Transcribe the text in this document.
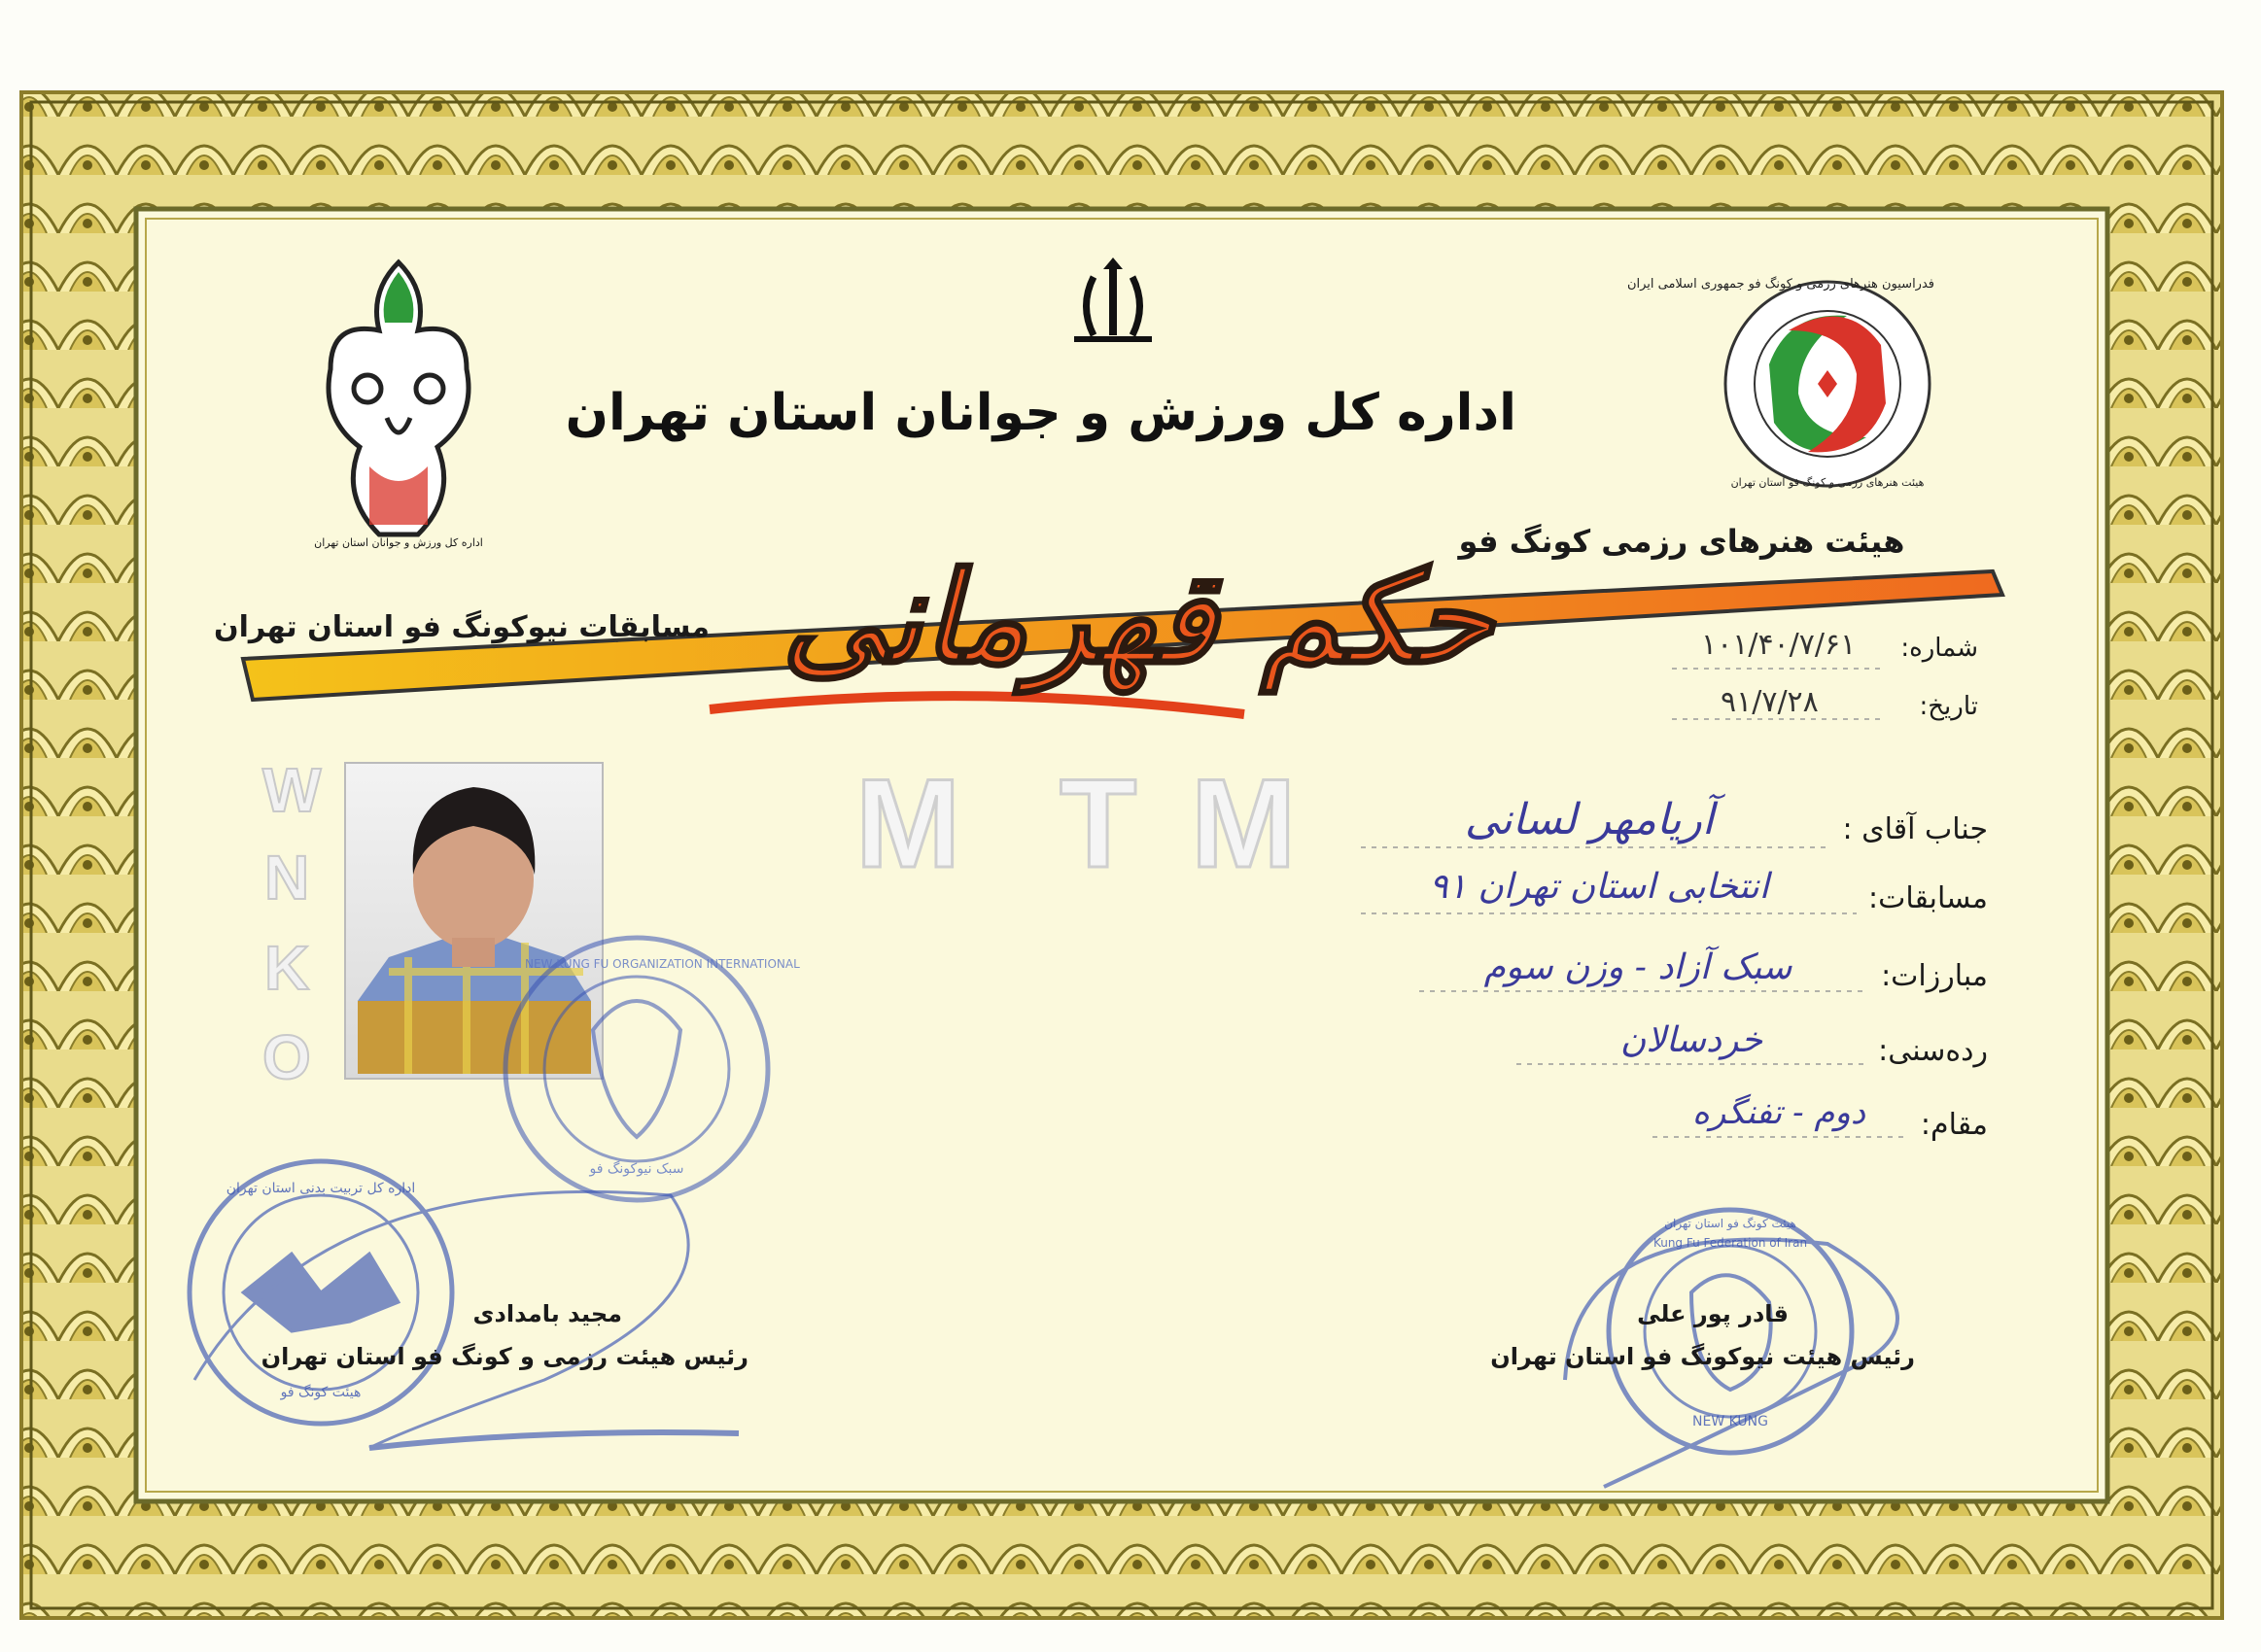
W
N
K
O
M T M
اداره کل ورزش و جوانان استان تهران
اداره کل ورزش و جوانان استان تهران
فدراسیون هنرهای رزمی و کونگ فو جمهوری اسلامی ایران
هیئت هنرهای رزمی و کونگ فو استان تهران
هیئت هنرهای رزمی کونگ فو
مسابقات نیوکونگ فو استان تهران حکم قهرمانی	شماره:
۱۰۱/۴۰/۷/۶۱
تاریخ:
۹۱/۷/۲۸
جناب آقای :
آریامهر لسانی
مسابقات:
انتخابی استان تهران ۹۱
مبارزات:
سبک آزاد - وزن سوم
رده‌سنی:
خردسالان
مقام:
دوم - تفنگره
NEW KUNG FU ORGANIZATION INTERNATIONAL
سبک نیوکونگ فو
اداره کل تربیت بدنی استان تهران
هیئت کونگ فو
Kung Fu Federation of Iran
هیئت کونگ فو استان تهران
NEW KUNG
مجید بامدادی
رئیس هیئت رزمی و کونگ فو استان تهران
قادر پور علی
رئیس هیئت نیوکونگ فو استان تهران
